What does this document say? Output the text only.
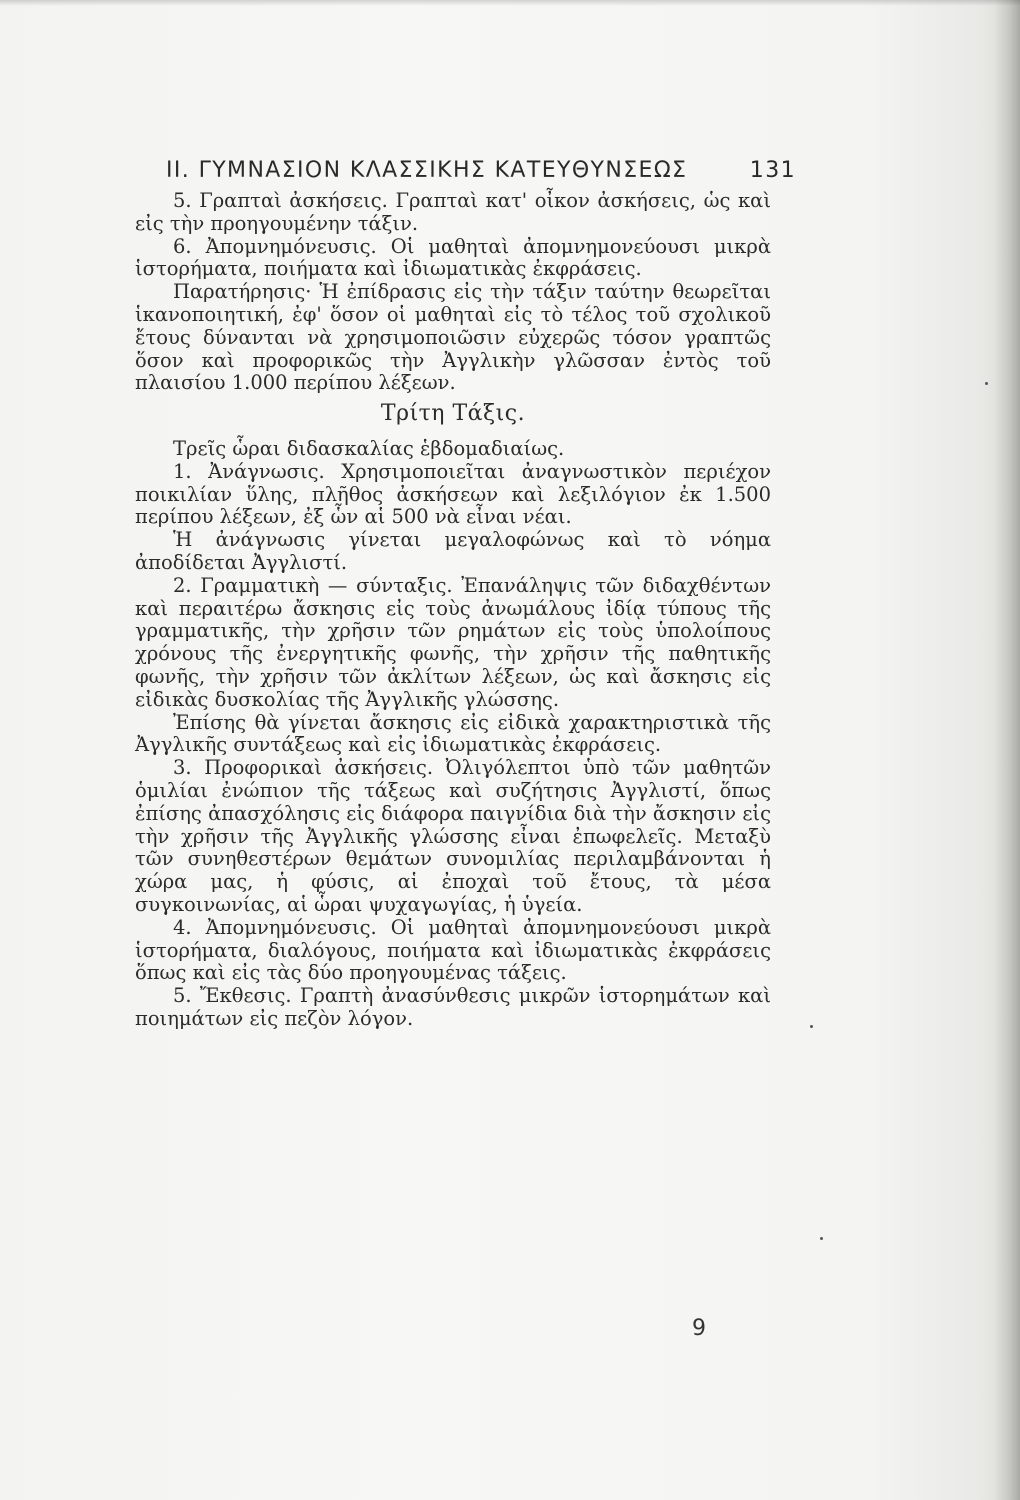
ΙΙ. ΓΥΜΝΑΣΙΟΝ ΚΛΑΣΣΙΚΗΣ ΚΑΤΕΥΘΥΝΣΕΩΣ	131

5. Γραπταὶ ἀσκήσεις. Γραπταὶ κατ' οἶκον ἀσκήσεις, ὡς καὶ εἰς τὴν προηγουμένην τάξιν.

6. Ἀπομνημόνευσις. Οἱ μαθηταὶ ἀπομνημονεύουσι μικρὰ ἱστορήματα, ποιήματα καὶ ἰδιωματικὰς ἐκφράσεις.

Παρατήρησις· Ἡ ἐπίδρασις εἰς τὴν τάξιν ταύτην θεωρεῖται ἱκανοποιητική, ἐφ' ὅσον οἱ μαθηταὶ εἰς τὸ τέλος τοῦ σχολικοῦ ἔτους δύνανται νὰ χρησιμοποιῶσιν εὐχερῶς τόσον γραπτῶς ὅσον καὶ προφορικῶς τὴν Ἀγγλικὴν γλῶσσαν ἐντὸς τοῦ πλαισίου 1.000 περίπου λέξεων.

Τρίτη Τάξις.

Τρεῖς ὧραι διδασκαλίας ἑβδομαδιαίως.

1. Ἀνάγνωσις. Χρησιμοποιεῖται ἀναγνωστικὸν περιέχον ποικιλίαν ὕλης, πλῆθος ἀσκήσεων καὶ λεξιλόγιον ἐκ 1.500 περίπου λέξεων, ἐξ ὧν αἱ 500 νὰ εἶναι νέαι.

Ἡ ἀνάγνωσις γίνεται μεγαλοφώνως καὶ τὸ νόημα ἀποδίδεται Ἀγγλιστί.

2. Γραμματικὴ — σύνταξις. Ἐπανάληψις τῶν διδαχθέντων καὶ περαιτέρω ἄσκησις εἰς τοὺς ἀνωμάλους ἰδίᾳ τύπους τῆς γραμματικῆς, τὴν χρῆσιν τῶν ρημάτων εἰς τοὺς ὑπολοίπους χρόνους τῆς ἐνεργητικῆς φωνῆς, τὴν χρῆσιν τῆς παθητικῆς φωνῆς, τὴν χρῆσιν τῶν ἀκλίτων λέξεων, ὡς καὶ ἄσκησις εἰς εἰδικὰς δυσκολίας τῆς Ἀγγλικῆς γλώσσης.

Ἐπίσης θὰ γίνεται ἄσκησις εἰς εἰδικὰ χαρακτηριστικὰ τῆς Ἀγγλικῆς συντάξεως καὶ εἰς ἰδιωματικὰς ἐκφράσεις.

3. Προφορικαὶ ἀσκήσεις. Ὀλιγόλεπτοι ὑπὸ τῶν μαθητῶν ὁμιλίαι ἐνώπιον τῆς τάξεως καὶ συζήτησις Ἀγγλιστί, ὅπως ἐπίσης ἀπασχόλησις εἰς διάφορα παιγνίδια διὰ τὴν ἄσκησιν εἰς τὴν χρῆσιν τῆς Ἀγγλικῆς γλώσσης εἶναι ἐπωφελεῖς. Μεταξὺ τῶν συνηθεστέρων θεμάτων συνομιλίας περιλαμβάνονται ἡ χώρα μας, ἡ φύσις, αἱ ἐποχαὶ τοῦ ἔτους, τὰ μέσα συγκοινωνίας, αἱ ὧραι ψυχαγωγίας, ἡ ὑγεία.

4. Ἀπομνημόνευσις. Οἱ μαθηταὶ ἀπομνημονεύουσι μικρὰ ἱστορήματα, διαλόγους, ποιήματα καὶ ἰδιωματικὰς ἐκφράσεις ὅπως καὶ εἰς τὰς δύο προηγουμένας τάξεις.

5. Ἔκθεσις. Γραπτὴ ἀνασύνθεσις μικρῶν ἱστορημάτων καὶ ποιημάτων εἰς πεζὸν λόγον.

9
